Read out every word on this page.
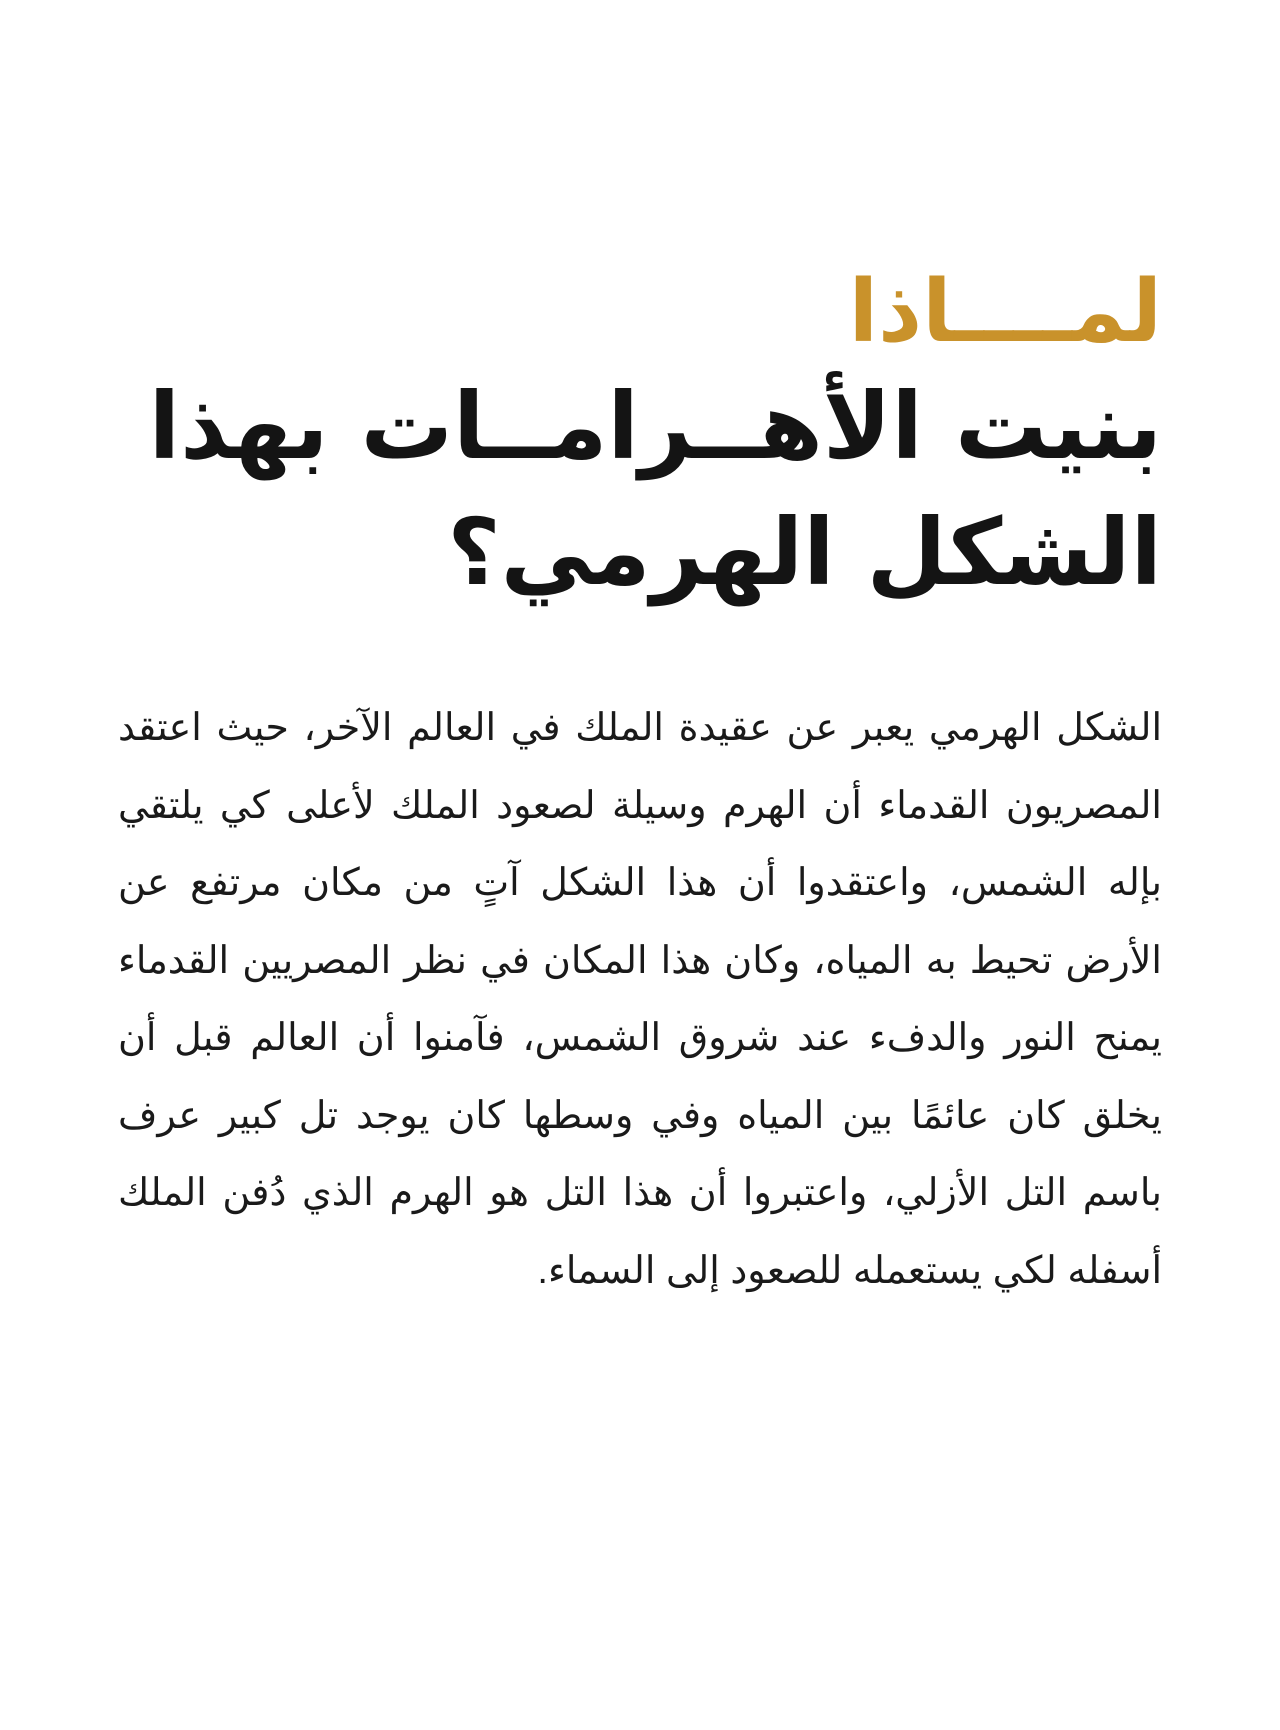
لمــــاذا
بنيت الأهــرامــات بهذا
الشكل الهرمي؟

الشكل الهرمي يعبر عن عقيدة الملك في العالم الآخر، حيث اعتقد المصريون القدماء أن الهرم وسيلة لصعود الملك لأعلى كي يلتقي بإله الشمس، واعتقدوا أن هذا الشكل آتٍ من مكان مرتفع عن الأرض تحيط به المياه، وكان هذا المكان في نظر المصريين القدماء يمنح النور والدفء عند شروق الشمس، فآمنوا أن العالم قبل أن يخلق كان عائمًا بين المياه وفي وسطها كان يوجد تل كبير عرف باسم التل الأزلي، واعتبروا أن هذا التل هو الهرم الذي دُفن الملك أسفله لكي يستعمله للصعود إلى السماء.
